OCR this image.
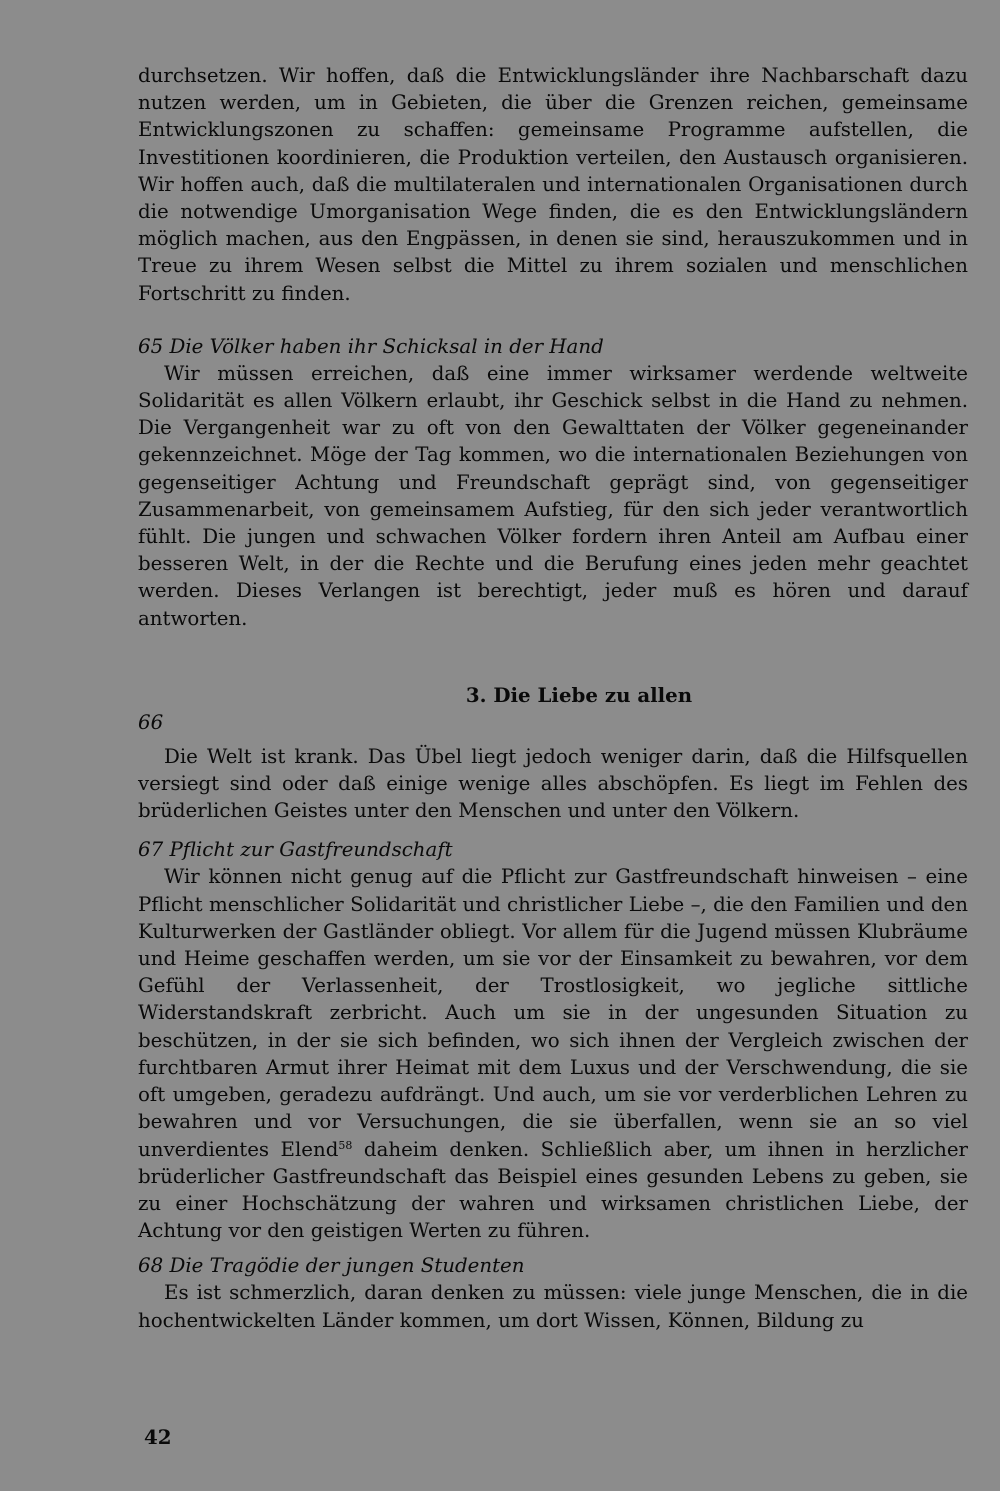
durchsetzen. Wir hoffen, daß die Entwicklungsländer ihre Nachbarschaft dazu nutzen werden, um in Gebieten, die über die Grenzen reichen, gemeinsame Entwicklungszonen zu schaffen: gemeinsame Programme aufstellen, die Investitionen koordinieren, die Produktion verteilen, den Austausch organisieren. Wir hoffen auch, daß die multilateralen und internationalen Organisationen durch die notwendige Umorganisation Wege finden, die es den Entwicklungsländern möglich machen, aus den Engpässen, in denen sie sind, herauszukommen und in Treue zu ihrem Wesen selbst die Mittel zu ihrem sozialen und menschlichen Fortschritt zu finden.

65 Die Völker haben ihr Schicksal in der Hand

Wir müssen erreichen, daß eine immer wirksamer werdende weltweite Solidarität es allen Völkern erlaubt, ihr Geschick selbst in die Hand zu nehmen. Die Vergangenheit war zu oft von den Gewalttaten der Völker gegeneinander gekennzeichnet. Möge der Tag kommen, wo die internationalen Beziehungen von gegenseitiger Achtung und Freundschaft geprägt sind, von gegenseitiger Zusammenarbeit, von gemeinsamem Aufstieg, für den sich jeder verantwortlich fühlt. Die jungen und schwachen Völker fordern ihren Anteil am Aufbau einer besseren Welt, in der die Rechte und die Berufung eines jeden mehr geachtet werden. Dieses Verlangen ist berechtigt, jeder muß es hören und darauf antworten.

3. Die Liebe zu allen

66

Die Welt ist krank. Das Übel liegt jedoch weniger darin, daß die Hilfsquellen versiegt sind oder daß einige wenige alles abschöpfen. Es liegt im Fehlen des brüderlichen Geistes unter den Menschen und unter den Völkern.

67 Pflicht zur Gastfreundschaft

Wir können nicht genug auf die Pflicht zur Gastfreundschaft hinweisen – eine Pflicht menschlicher Solidarität und christlicher Liebe –, die den Familien und den Kulturwerken der Gastländer obliegt. Vor allem für die Jugend müssen Klubräume und Heime geschaffen werden, um sie vor der Einsamkeit zu bewahren, vor dem Gefühl der Verlassenheit, der Trostlosigkeit, wo jegliche sittliche Widerstandskraft zerbricht. Auch um sie in der ungesunden Situation zu beschützen, in der sie sich befinden, wo sich ihnen der Vergleich zwischen der furchtbaren Armut ihrer Heimat mit dem Luxus und der Verschwendung, die sie oft umgeben, geradezu aufdrängt. Und auch, um sie vor verderblichen Lehren zu bewahren und vor Versuchungen, die sie überfallen, wenn sie an so viel unverdientes Elend$^{58}$ daheim denken. Schließlich aber, um ihnen in herzlicher brüderlicher Gastfreundschaft das Beispiel eines gesunden Lebens zu geben, sie zu einer Hochschätzung der wahren und wirksamen christlichen Liebe, der Achtung vor den geistigen Werten zu führen.

68 Die Tragödie der jungen Studenten

Es ist schmerzlich, daran denken zu müssen: viele junge Menschen, die in die hochentwickelten Länder kommen, um dort Wissen, Können, Bildung zu

42
